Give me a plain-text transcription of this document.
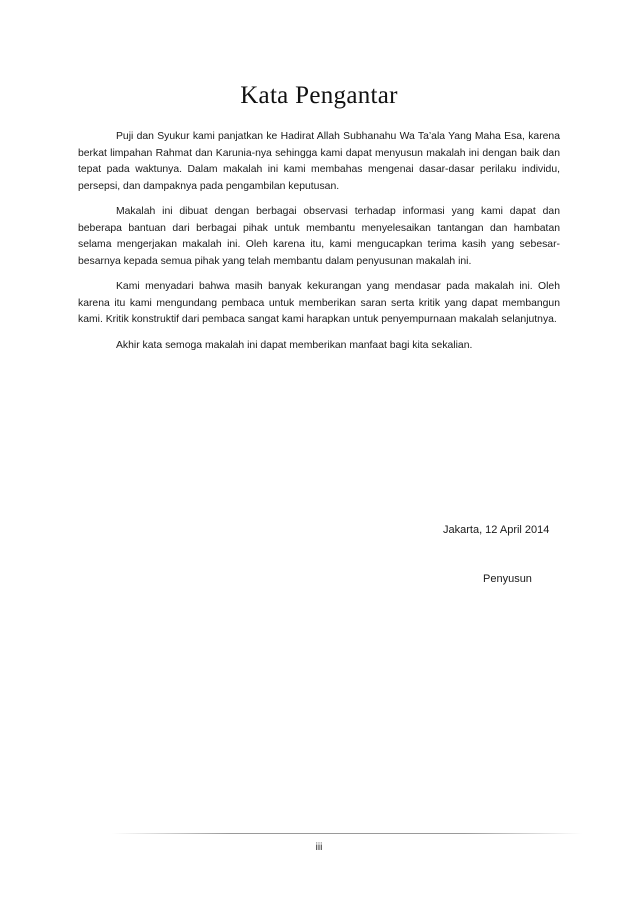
Kata Pengantar

Puji dan Syukur kami panjatkan ke Hadirat Allah Subhanahu Wa Ta’ala Yang Maha Esa, karena berkat limpahan Rahmat dan Karunia-nya sehingga kami dapat menyusun makalah ini dengan baik dan tepat pada waktunya. Dalam makalah ini kami membahas mengenai dasar-dasar perilaku individu, persepsi, dan dampaknya pada pengambilan keputusan.

Makalah ini dibuat dengan berbagai observasi terhadap informasi yang kami dapat dan beberapa bantuan dari berbagai pihak untuk membantu menyelesaikan tantangan dan hambatan selama mengerjakan makalah ini. Oleh karena itu, kami mengucapkan terima kasih yang sebesar-besarnya kepada semua pihak yang telah membantu dalam penyusunan makalah ini.

Kami menyadari bahwa masih banyak kekurangan yang mendasar pada makalah ini. Oleh karena itu kami mengundang pembaca untuk memberikan saran serta kritik yang dapat membangun kami. Kritik konstruktif dari pembaca sangat kami harapkan untuk penyempurnaan makalah selanjutnya.

Akhir kata semoga makalah ini dapat memberikan manfaat bagi kita sekalian.

Jakarta, 12 April 2014
Penyusun
iii
